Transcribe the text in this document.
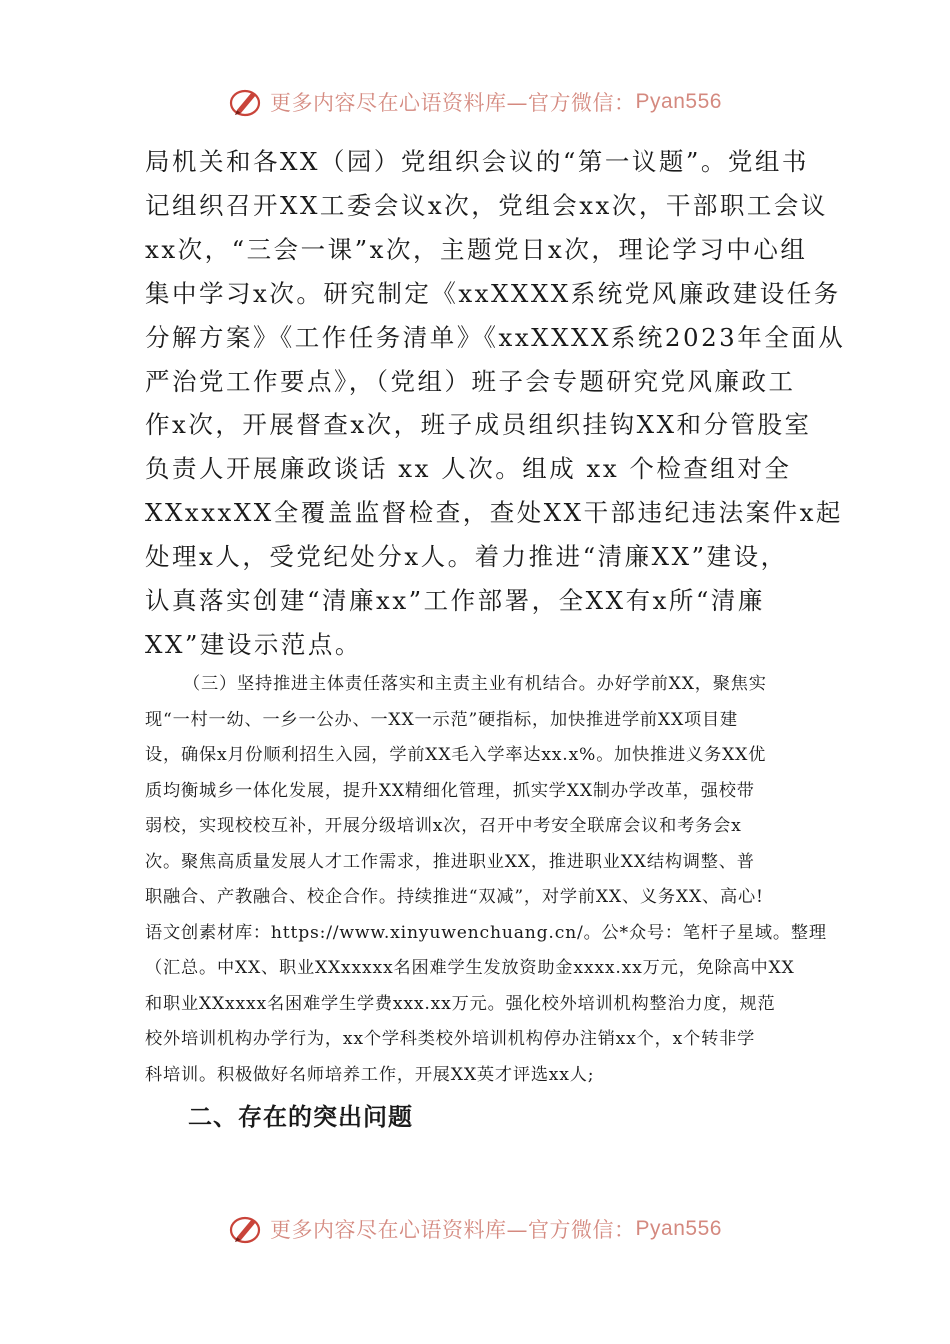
更多内容尽在心语资料库—官方微信： Pyan556
局机关和各XX（园）党组织会议的“第一议题”。党组书
记组织召开XX工委会议x次，党组会xx次，干部职工会议
xx次，“三会一课”x次，主题党日x次，理论学习中心组
集中学习x次。研究制定《xxXXXX系统党风廉政建设任务
分解方案》《工作任务清单》《xxXXXX系统2023年全面从
严治党工作要点》，（党组）班子会专题研究党风廉政工
作x次，开展督查x次，班子成员组织挂钩XX和分管股室
负责人开展廉政谈话 xx 人次。组成 xx 个检查组对全
XXxxxXX全覆盖监督检查，查处XX干部违纪违法案件x起
处理x人，受党纪处分x人。着力推进“清廉XX”建设，
认真落实创建“清廉xx”工作部署，全XX有x所“清廉
XX”建设示范点。
（三）坚持推进主体责任落实和主责主业有机结合。办好学前XX，聚焦实
现“一村一幼、一乡一公办、一XX一示范”硬指标，加快推进学前XX项目建
设，确保x月份顺利招生入园，学前XX毛入学率达xx.x%。加快推进义务XX优
质均衡城乡一体化发展，提升XX精细化管理，抓实学XX制办学改革，强校带
弱校，实现校校互补，开展分级培训x次，召开中考安全联席会议和考务会x
次。聚焦高质量发展人才工作需求，推进职业XX，推进职业XX结构调整、普
职融合、产教融合、校企合作。持续推进“双减”，对学前XX、义务XX、高心!
语文创素材库：https://www.xinyuwenchuang.cn/。公*众号：笔杆子星域。整理
（汇总。中XX、职业XXxxxxx名困难学生发放资助金xxxx.xx万元，免除高中XX
和职业XXxxxx名困难学生学费xxx.xx万元。强化校外培训机构整治力度，规范
校外培训机构办学行为，xx个学科类校外培训机构停办注销xx个，x个转非学
科培训。积极做好名师培养工作，开展XX英才评选xx人;
二、存在的突出问题
更多内容尽在心语资料库—官方微信： Pyan556
